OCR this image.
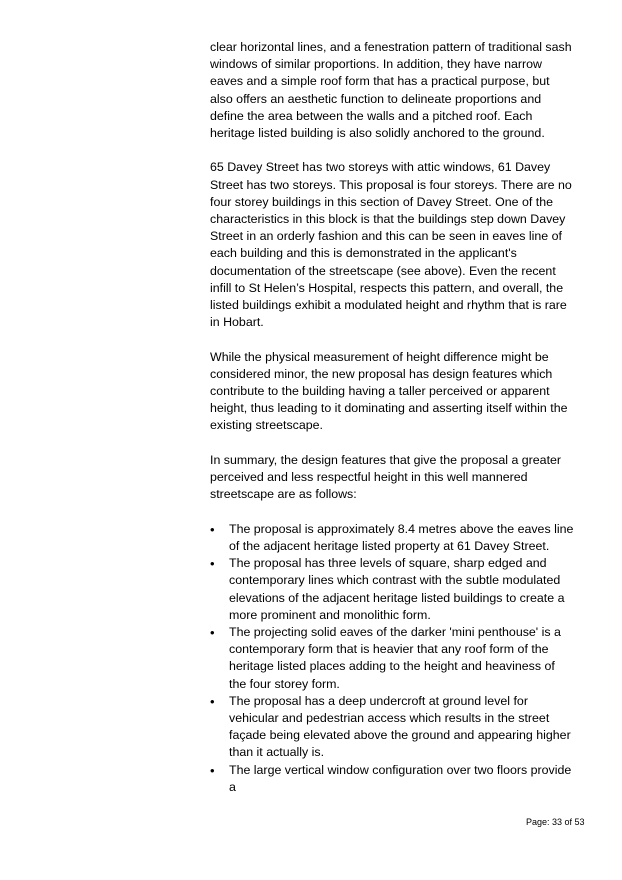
clear horizontal lines, and a fenestration pattern of traditional sash windows of similar proportions. In addition, they have narrow eaves and a simple roof form that has a practical purpose, but also offers an aesthetic function to delineate proportions and define the area between the walls and a pitched roof. Each heritage listed building is also solidly anchored to the ground.

65 Davey Street has two storeys with attic windows, 61 Davey Street has two storeys. This proposal is four storeys. There are no four storey buildings in this section of Davey Street. One of the characteristics in this block is that the buildings step down Davey Street in an orderly fashion and this can be seen in eaves line of each building and this is demonstrated in the applicant's documentation of the streetscape (see above). Even the recent infill to St Helen’s Hospital, respects this pattern, and overall, the listed buildings exhibit a modulated height and rhythm that is rare in Hobart.

While the physical measurement of height difference might be considered minor, the new proposal has design features which contribute to the building having a taller perceived or apparent height, thus leading to it dominating and asserting itself within the existing streetscape.

In summary, the design features that give the proposal a greater perceived and less respectful height in this well mannered streetscape are as follows:

•	The proposal is approximately 8.4 metres above the eaves line of the adjacent heritage listed property at 61 Davey Street.
•	The proposal has three levels of square, sharp edged and contemporary lines which contrast with the subtle modulated elevations of the adjacent heritage listed buildings to create a more prominent and monolithic form.
•	The projecting solid eaves of the darker 'mini penthouse' is a contemporary form that is heavier that any roof form of the heritage listed places adding to the height and heaviness of the four storey form.
•	The proposal has a deep undercroft at ground level for vehicular and pedestrian access which results in the street façade being elevated above the ground and appearing higher than it actually is.
•	The large vertical window configuration over two floors provide a
Page: 33 of 53
